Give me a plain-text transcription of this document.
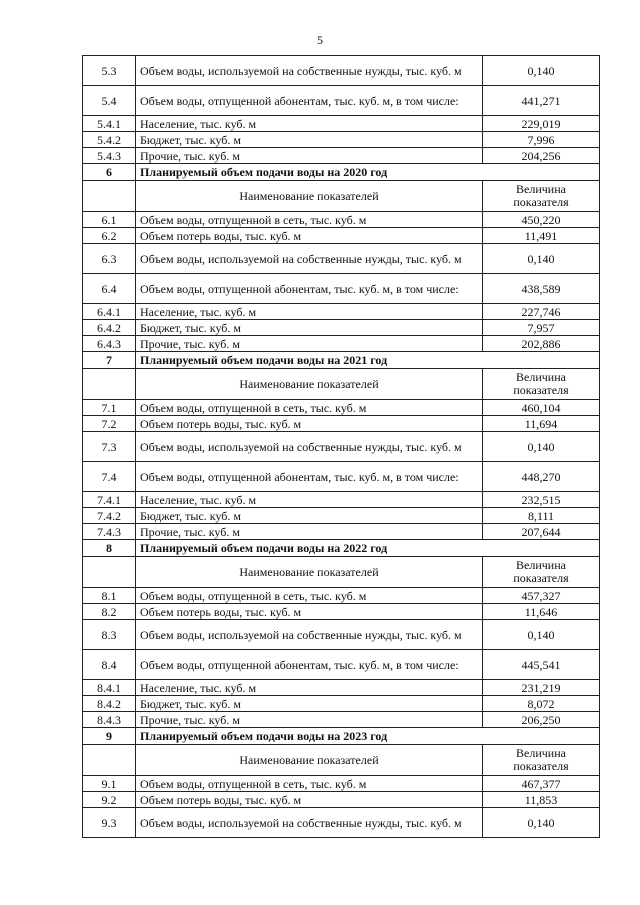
5
5.3	Объем воды, используемой на собственные нужды, тыс. куб. м	0,140
5.4	Объем воды, отпущенной абонентам, тыс. куб. м, в том числе:	441,271
5.4.1	Население, тыс. куб. м	229,019
5.4.2	Бюджет, тыс. куб. м	7,996
5.4.3	Прочие, тыс. куб. м	204,256
6	Планируемый объем подачи воды на 2020 год	
	Наименование показателей	Величина показателя
6.1	Объем воды, отпущенной в сеть, тыс. куб. м	450,220
6.2	Объем потерь воды, тыс. куб. м	11,491
6.3	Объем воды, используемой на собственные нужды, тыс. куб. м	0,140
6.4	Объем воды, отпущенной абонентам, тыс. куб. м, в том числе:	438,589
6.4.1	Население, тыс. куб. м	227,746
6.4.2	Бюджет, тыс. куб. м	7,957
6.4.3	Прочие, тыс. куб. м	202,886
7	Планируемый объем подачи воды на 2021 год	
	Наименование показателей	Величина показателя
7.1	Объем воды, отпущенной в сеть, тыс. куб. м	460,104
7.2	Объем потерь воды, тыс. куб. м	11,694
7.3	Объем воды, используемой на собственные нужды, тыс. куб. м	0,140
7.4	Объем воды, отпущенной абонентам, тыс. куб. м, в том числе:	448,270
7.4.1	Население, тыс. куб. м	232,515
7.4.2	Бюджет, тыс. куб. м	8,111
7.4.3	Прочие, тыс. куб. м	207,644
8	Планируемый объем подачи воды на 2022 год	
	Наименование показателей	Величина показателя
8.1	Объем воды, отпущенной в сеть, тыс. куб. м	457,327
8.2	Объем потерь воды, тыс. куб. м	11,646
8.3	Объем воды, используемой на собственные нужды, тыс. куб. м	0,140
8.4	Объем воды, отпущенной абонентам, тыс. куб. м, в том числе:	445,541
8.4.1	Население, тыс. куб. м	231,219
8.4.2	Бюджет, тыс. куб. м	8,072
8.4.3	Прочие, тыс. куб. м	206,250
9	Планируемый объем подачи воды на 2023 год	
	Наименование показателей	Величина показателя
9.1	Объем воды, отпущенной в сеть, тыс. куб. м	467,377
9.2	Объем потерь воды, тыс. куб. м	11,853
9.3	Объем воды, используемой на собственные нужды, тыс. куб. м	0,140
